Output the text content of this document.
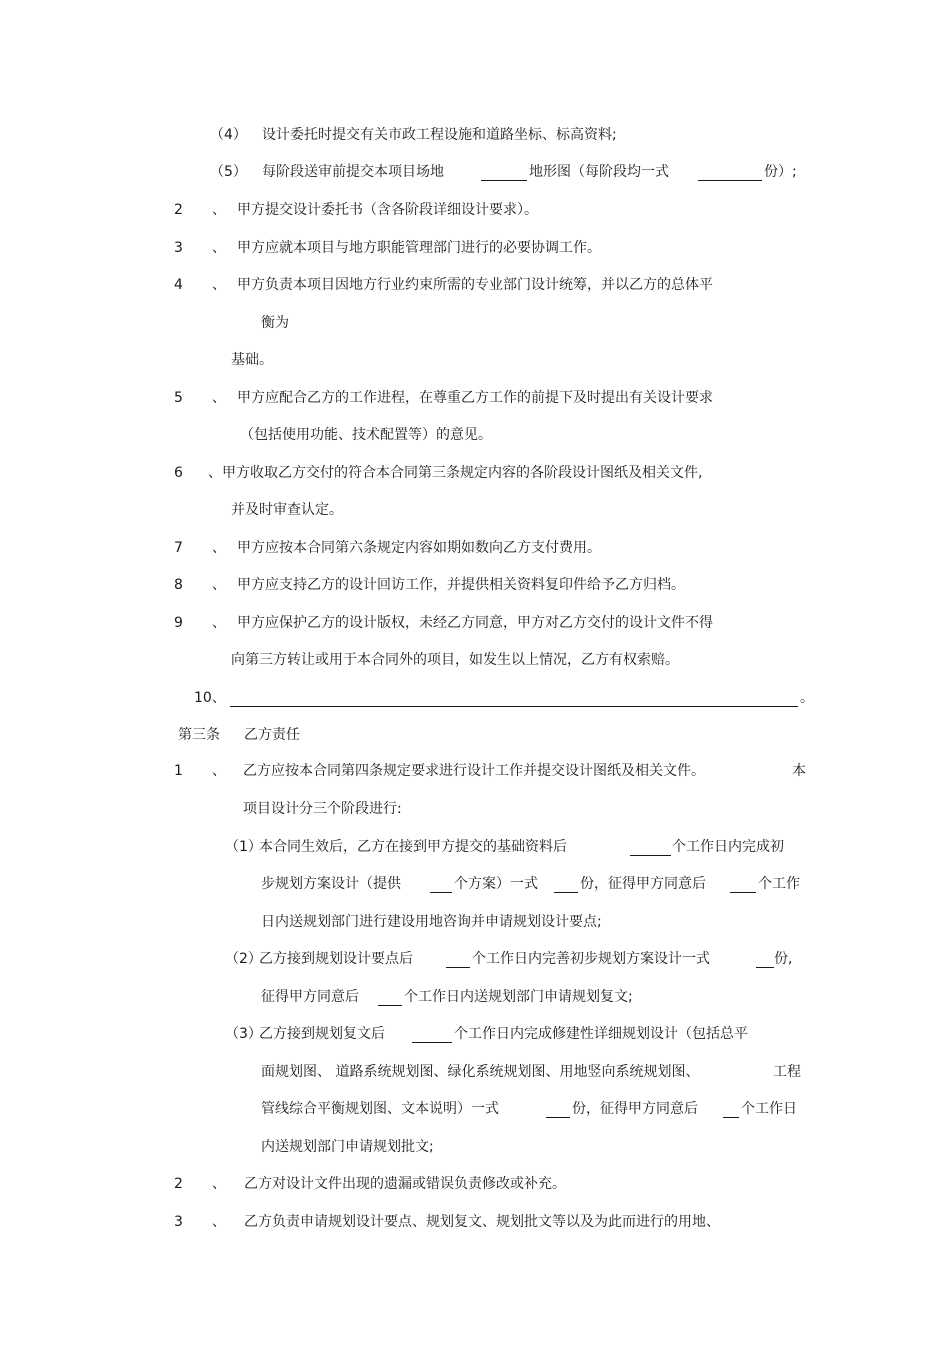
（4） 设计委托时提交有关市政工程设施和道路坐标、标高资料;
（5） 每阶段送审前提交本项目场地	地形图（每阶段均一式	份）;
2 、 甲方提交设计委托书（含各阶段详细设计要求）。
3 、 甲方应就本项目与地方职能管理部门进行的必要协调工作。
4 、 甲方负责本项目因地方行业约束所需的专业部门设计统筹，并以乙方的总体平
衡为
基础。
5 、 甲方应配合乙方的工作进程，在尊重乙方工作的前提下及时提出有关设计要求
（包括使用功能、技术配置等）的意见。
6 、甲方收取乙方交付的符合本合同第三条规定内容的各阶段设计图纸及相关文件,
并及时审查认定。
7 、 甲方应按本合同第六条规定内容如期如数向乙方支付费用。
8 、 甲方应支持乙方的设计回访工作，并提供相关资料复印件给予乙方归档。
9 、 甲方应保护乙方的设计版权，未经乙方同意，甲方对乙方交付的设计文件不得
向第三方转让或用于本合同外的项目，如发生以上情况，乙方有权索赔。
10、	。
第三条 乙方责任
1 、 乙方应按本合同第四条规定要求进行设计工作并提交设计图纸及相关文件。	本
项目设计分三个阶段进行:
（1）
本合同生效后，乙方在接到甲方提交的基础资料后	个工作日内完成初
步规划方案设计（提供	个方案）一式	份，征得甲方同意后	个工作
日内送规划部门进行建设用地咨询并申请规划设计要点;
（2）
乙方接到规划设计要点后	个工作日内完善初步规划方案设计一式	份,
征得甲方同意后	个工作日内送规划部门申请规划复文;
（3）
乙方接到规划复文后	个工作日内完成修建性详细规划设计（包括总平
面规划图、 道路系统规划图、绿化系统规划图、用地竖向系统规划图、	工程
管线综合平衡规划图、文本说明）一式	份，征得甲方同意后	个工作日
内送规划部门申请规划批文;
2 、 乙方对设计文件出现的遗漏或错误负责修改或补充。
3 、 乙方负责申请规划设计要点、规划复文、规划批文等以及为此而进行的用地、
